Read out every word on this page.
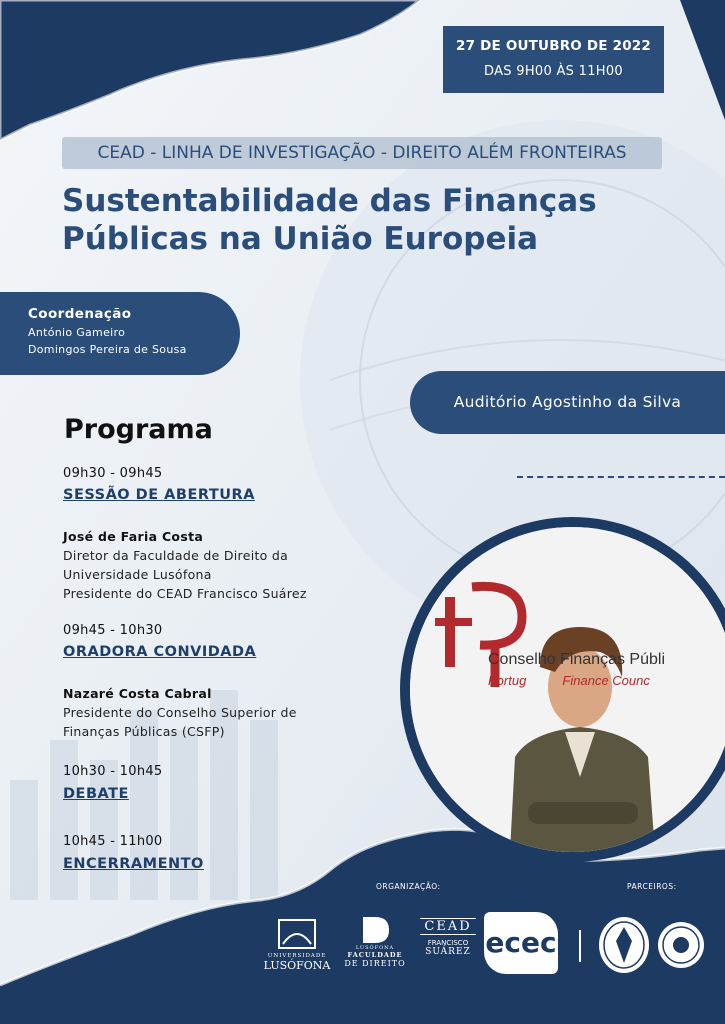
27 DE OUTUBRO DE 2022
DAS 9H00 ÀS 11H00
CEAD - LINHA DE INVESTIGAÇÃO - DIREITO ALÉM FRONTEIRAS
Sustentabilidade das Finanças
Públicas na União Europeia
Coordenação
António Gameiro
Domingos Pereira de Sousa
Auditório Agostinho da Silva
Programa
09h30 - 09h45
SESSÃO DE ABERTURA
José de Faria Costa
Diretor da Faculdade de Direito da
Universidade Lusófona
Presidente do CEAD Francisco Suárez
09h45 - 10h30
ORADORA CONVIDADA
Nazaré Costa Cabral
Presidente do Conselho Superior de
Finanças Públicas (CSFP)
10h30 - 10h45
DEBATE
10h45 - 11h00
ENCERRAMENTO
Conselho Finanças Públi
Portug          Finance Counc
ORGANIZAÇÃO:	PARCEIROS:
UNIVERSIDADE
LUSÓFONA
LUSÓFONA
FACULDADE
DE DIREITO
CEAD
FRANCISCO
SUÁREZ ecec
